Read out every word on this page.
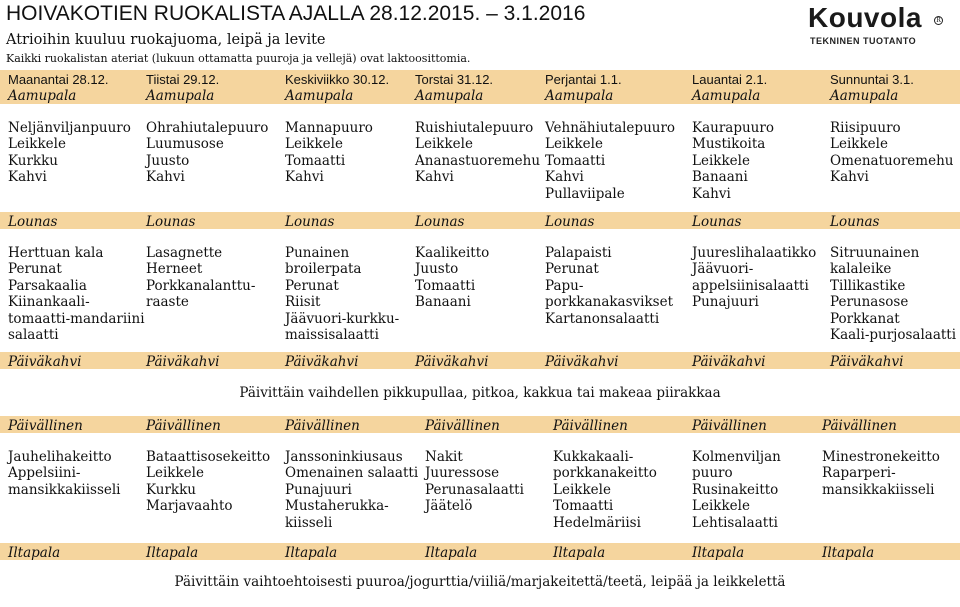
HOIVAKOTIEN RUOKALISTA AJALLA 28.12.2015. – 3.1.2016
Atrioihin kuuluu ruokajuoma, leipä ja levite
Kaikki ruokalistan ateriat (lukuun ottamatta puuroja ja vellejä) ovat laktoosittomia.
Kouvola	R
TEKNINEN TUOTANTO
Maanantai 28.12.
Aamupala
Lounas
Päiväkahvi
Päivällinen
Iltapala
Neljänviljanpuuro
Leikkele
Kurkku
Kahvi
Herttuan kala
Perunat
Parsakaalia
Kiinankaali-
tomaatti-mandariini
salaatti
Jauhelihakeitto
Appelsiini-
mansikkakiisseli
Tiistai 29.12.
Aamupala
Lounas
Päiväkahvi
Päivällinen
Iltapala
Ohrahiutalepuuro
Luumusose
Juusto
Kahvi
Lasagnette
Herneet
Porkkanalanttu-
raaste
Bataattisosekeitto
Leikkele
Kurkku
Marjavaahto
Keskiviikko 30.12.
Aamupala
Lounas
Päiväkahvi
Päivällinen
Iltapala
Mannapuuro
Leikkele
Tomaatti
Kahvi
Punainen
broilerpata
Perunat
Riisit
Jäävuori-kurkku-
maissisalaatti
Janssoninkiusaus
Omenainen salaatti
Punajuuri
Mustaherukka-
kiisseli
Torstai 31.12.
Aamupala
Lounas
Päiväkahvi
Päivällinen
Iltapala
Ruishiutalepuuro
Leikkele
Ananastuoremehu
Kahvi
Kaalikeitto
Juusto
Tomaatti
Banaani
Nakit
Juuressose
Perunasalaatti
Jäätelö
Perjantai 1.1.
Aamupala
Lounas
Päiväkahvi
Päivällinen
Iltapala
Vehnähiutalepuuro
Leikkele
Tomaatti
Kahvi
Pullaviipale
Palapaisti
Perunat
Papu-
porkkanakasvikset
Kartanonsalaatti
Kukkakaali-
porkkanakeitto
Leikkele
Tomaatti
Hedelmäriisi
Lauantai 2.1.
Aamupala
Lounas
Päiväkahvi
Päivällinen
Iltapala
Kaurapuuro
Mustikoita
Leikkele
Banaani
Kahvi
Juureslihalaatikko
Jäävuori-
appelsiinisalaatti
Punajuuri
Kolmenviljan
puuro
Rusinakeitto
Leikkele
Lehtisalaatti
Sunnuntai 3.1.
Aamupala
Lounas
Päiväkahvi
Päivällinen
Iltapala
Riisipuuro
Leikkele
Omenatuoremehu
Kahvi
Sitruunainen
kalaleike
Tillikastike
Perunasose
Porkkanat
Kaali-purjosalaatti
Minestronekeitto
Raparperi-
mansikkakiisseli
Päivittäin vaihdellen pikkupullaa, pitkoa, kakkua tai makeaa piirakkaa
Päivittäin vaihtoehtoisesti puuroa/jogurttia/viiliä/marjakeitettä/teetä, leipää ja leikkelettä
